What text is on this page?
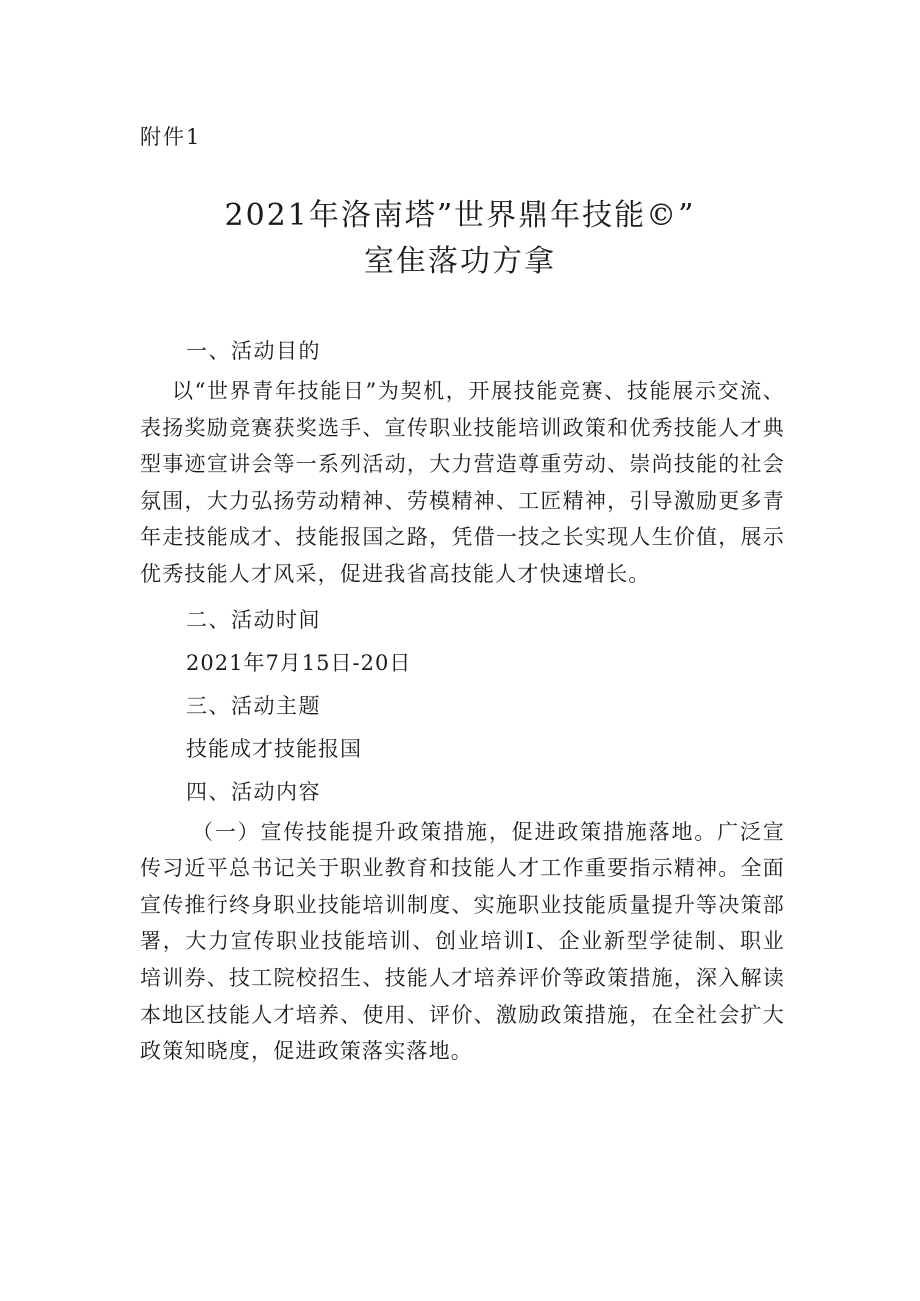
附件1
2021年洛南塔”世界鼎年技能©”
室隹落功方拿

一、活动目的

以“世界青年技能日”为契机，开展技能竞赛、技能展示交流、表扬奖励竞赛获奖选手、宣传职业技能培训政策和优秀技能人才典型事迹宣讲会等一系列活动，大力营造尊重劳动、崇尚技能的社会氛围，大力弘扬劳动精神、劳模精神、工匠精神，引导激励更多青年走技能成才、技能报国之路，凭借一技之长实现人生价值，展示优秀技能人才风采，促进我省高技能人才快速增长。

二、活动时间

2021年7月15日-20日

三、活动主题

技能成才技能报国

四、活动内容

（一）宣传技能提升政策措施，促进政策措施落地。广泛宣传习近平总书记关于职业教育和技能人才工作重要指示精神。全面宣传推行终身职业技能培训制度、实施职业技能质量提升等决策部署，大力宣传职业技能培训、创业培训I、企业新型学徒制、职业培训券、技工院校招生、技能人才培养评价等政策措施，深入解读本地区技能人才培养、使用、评价、激励政策措施，在全社会扩大政策知晓度，促进政策落实落地。
